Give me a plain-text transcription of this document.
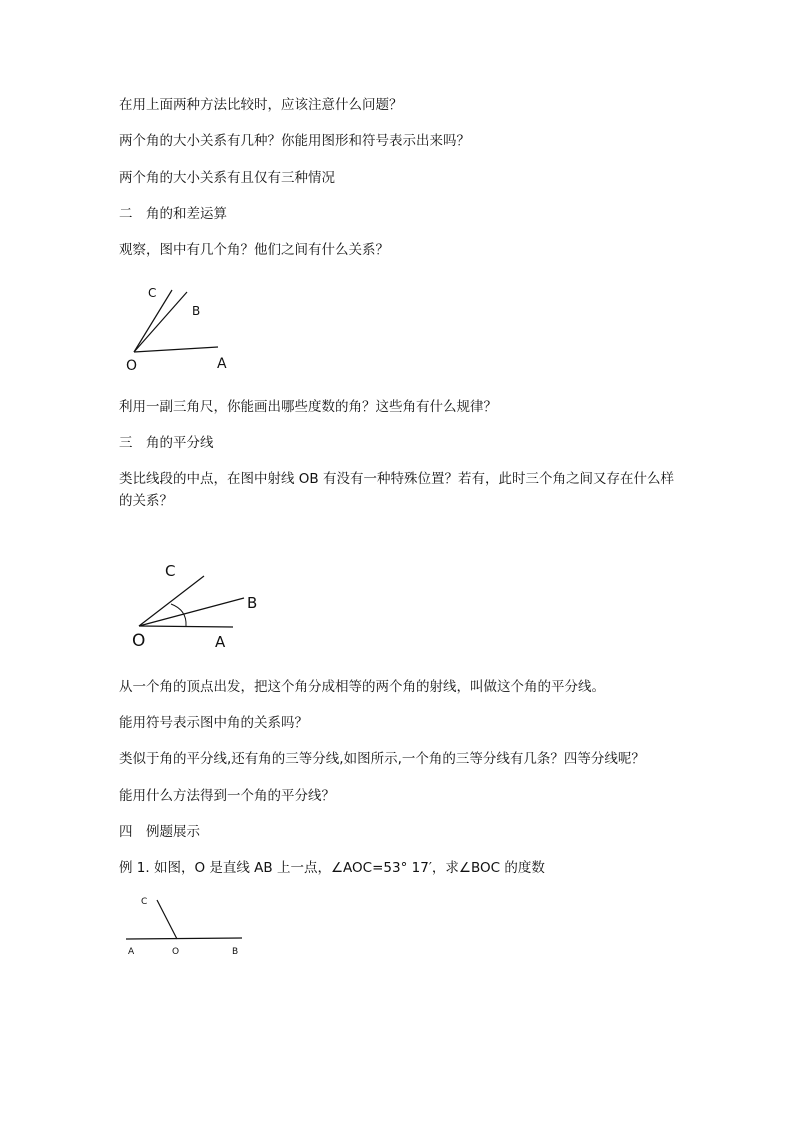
在用上面两种方法比较时，应该注意什么问题？
两个角的大小关系有几种？你能用图形和符号表示出来吗？
两个角的大小关系有且仅有三种情况
二　角的和差运算
观察，图中有几个角？他们之间有什么关系？
C
B
O	A
利用一副三角尺，你能画出哪些度数的角？这些角有什么规律？
三　角的平分线
类比线段的中点，在图中射线 OB 有没有一种特殊位置？若有，此时三个角之间又存在什么样的关系？
C
B
O	A
从一个角的顶点出发，把这个角分成相等的两个角的射线，叫做这个角的平分线。
能用符号表示图中角的关系吗？
类似于角的平分线,还有角的三等分线,如图所示,一个角的三等分线有几条？四等分线呢？
能用什么方法得到一个角的平分线？
四　例题展示
例 1. 如图，O 是直线 AB 上一点，∠AOC=53° 17′，求∠BOC 的度数
C
A	O	B
